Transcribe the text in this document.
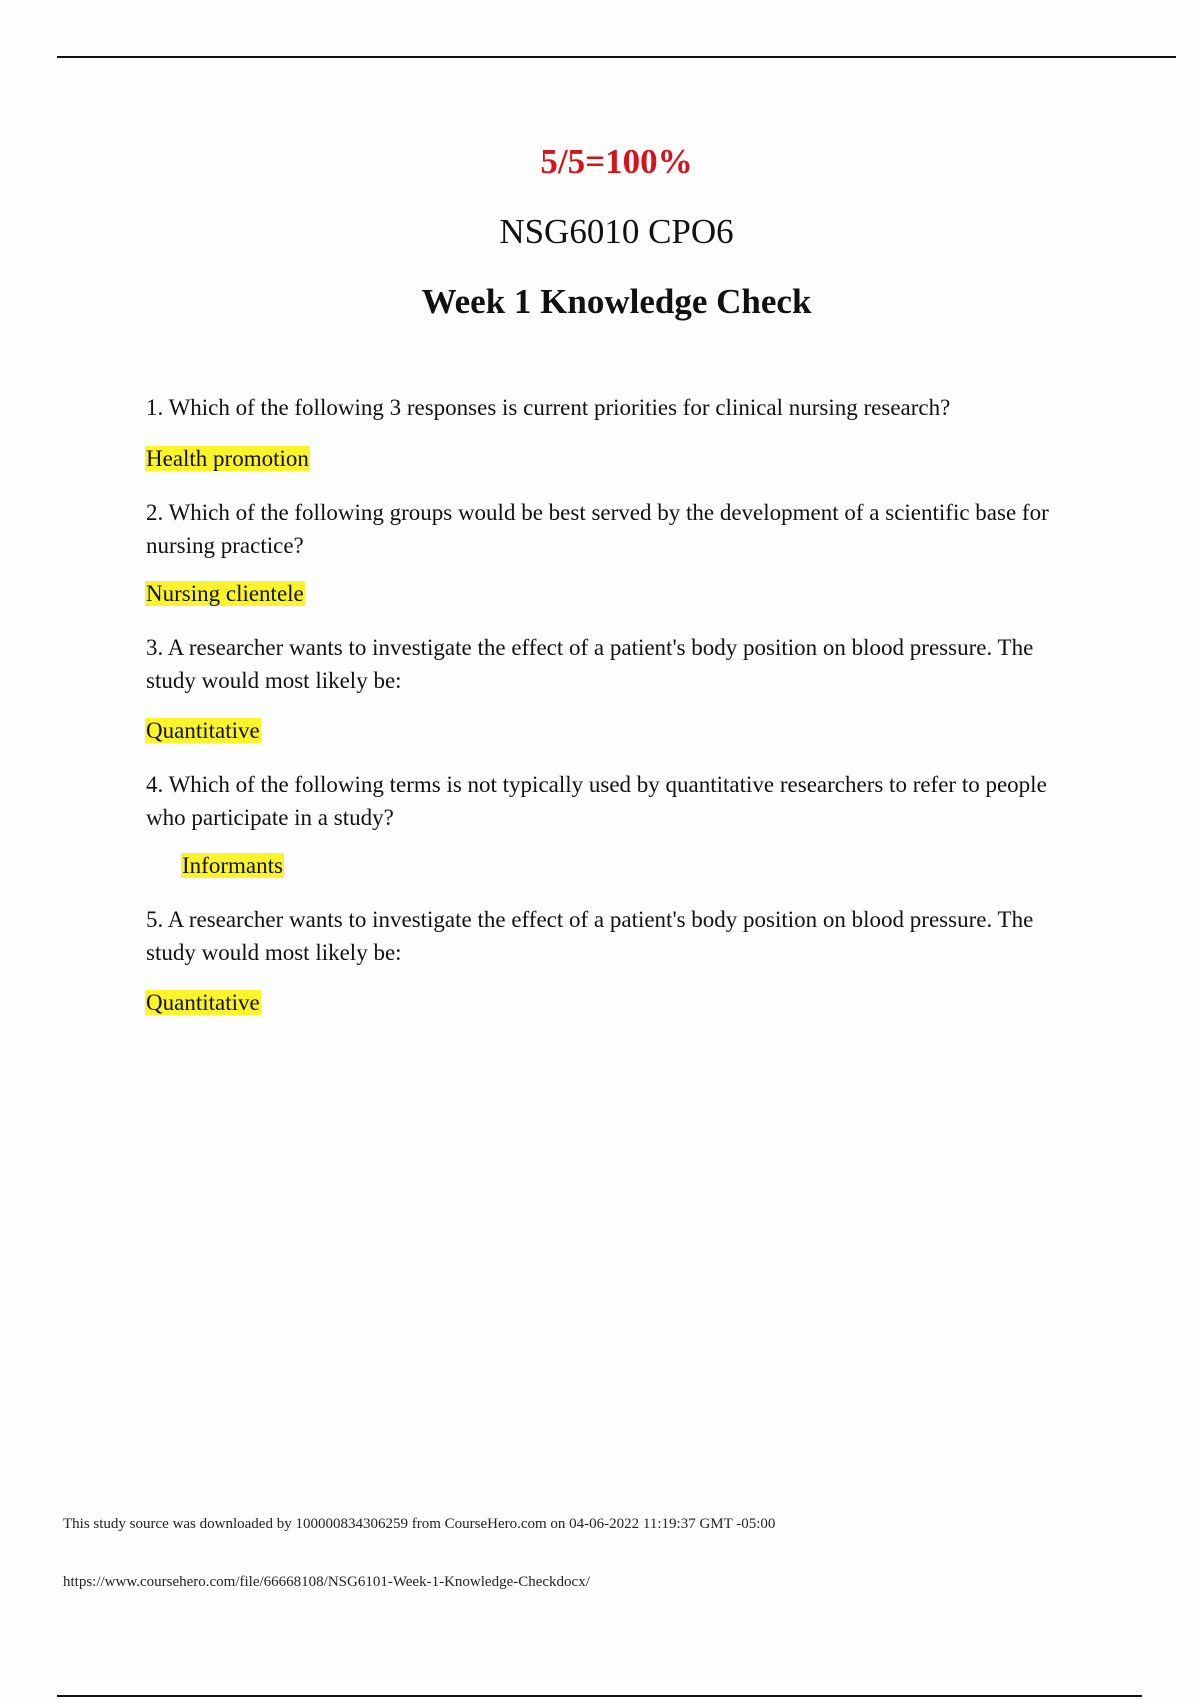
5/5=100%
NSG6010 CPO6
Week 1 Knowledge Check
1. Which of the following 3 responses is current priorities for clinical nursing research?
Health promotion
2. Which of the following groups would be best served by the development of a scientific base for nursing practice?
Nursing clientele
3. A researcher wants to investigate the effect of a patient's body position on blood pressure. The study would most likely be:
Quantitative
4. Which of the following terms is not typically used by quantitative researchers to refer to people who participate in a study?
Informants
5. A researcher wants to investigate the effect of a patient's body position on blood pressure. The study would most likely be:
Quantitative
This study source was downloaded by 100000834306259 from CourseHero.com on 04-06-2022 11:19:37 GMT -05:00
https://www.coursehero.com/file/66668108/NSG6101-Week-1-Knowledge-Checkdocx/
